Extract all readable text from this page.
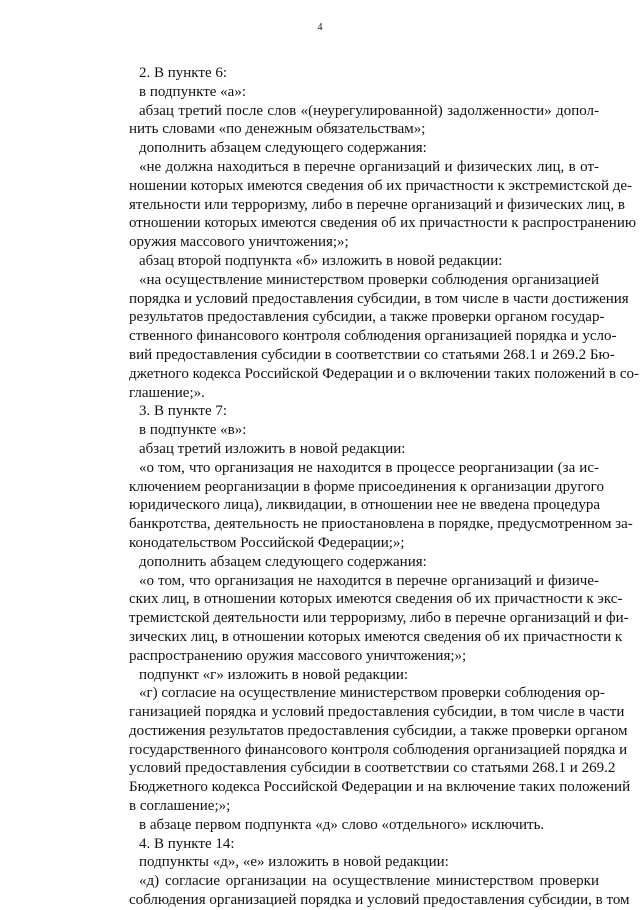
4
2. В пункте 6:
в подпункте «а»:
абзац третий после слов «(неурегулированной) задолженности» допол-
нить словами «по денежным обязательствам»;
дополнить абзацем следующего содержания:
«не должна находиться в перечне организаций и физических лиц, в от-
ношении которых имеются сведения об их причастности к экстремистской де-
ятельности или терроризму, либо в перечне организаций и физических лиц, в
отношении которых имеются сведения об их причастности к распространению
оружия массового уничтожения;»;
абзац второй подпункта «б» изложить в новой редакции:
«на осуществление министерством проверки соблюдения организацией
порядка и условий предоставления субсидии, в том числе в части достижения
результатов предоставления субсидии, а также проверки органом государ-
ственного финансового контроля соблюдения организацией порядка и усло-
вий предоставления субсидии в соответствии со статьями 268.1 и 269.2 Бю-
джетного кодекса Российской Федерации и о включении таких положений в со-
глашение;».
3. В пункте 7:
в подпункте «в»:
абзац третий изложить в новой редакции:
«о том, что организация не находится в процессе реорганизации (за ис-
ключением реорганизации в форме присоединения к организации другого
юридического лица), ликвидации, в отношении нее не введена процедура
банкротства, деятельность не приостановлена в порядке, предусмотренном за-
конодательством Российской Федерации;»;
дополнить абзацем следующего содержания:
«о том, что организация не находится в перечне организаций и физиче-
ских лиц, в отношении которых имеются сведения об их причастности к экс-
тремистской деятельности или терроризму, либо в перечне организаций и фи-
зических лиц, в отношении которых имеются сведения об их причастности к
распространению оружия массового уничтожения;»;
подпункт «г» изложить в новой редакции:
«г) согласие на осуществление министерством проверки соблюдения ор-
ганизацией порядка и условий предоставления субсидии, в том числе в части
достижения результатов предоставления субсидии, а также проверки органом
государственного финансового контроля соблюдения организацией порядка и
условий предоставления субсидии в соответствии со статьями 268.1 и 269.2
Бюджетного кодекса Российской Федерации и на включение таких положений
в соглашение;»;
в абзаце первом подпункта «д» слово «отдельного» исключить.
4. В пункте 14:
подпункты «д», «е» изложить в новой редакции:
«д) согласие организации на осуществление министерством проверки
соблюдения организацией порядка и условий предоставления субсидии, в том
